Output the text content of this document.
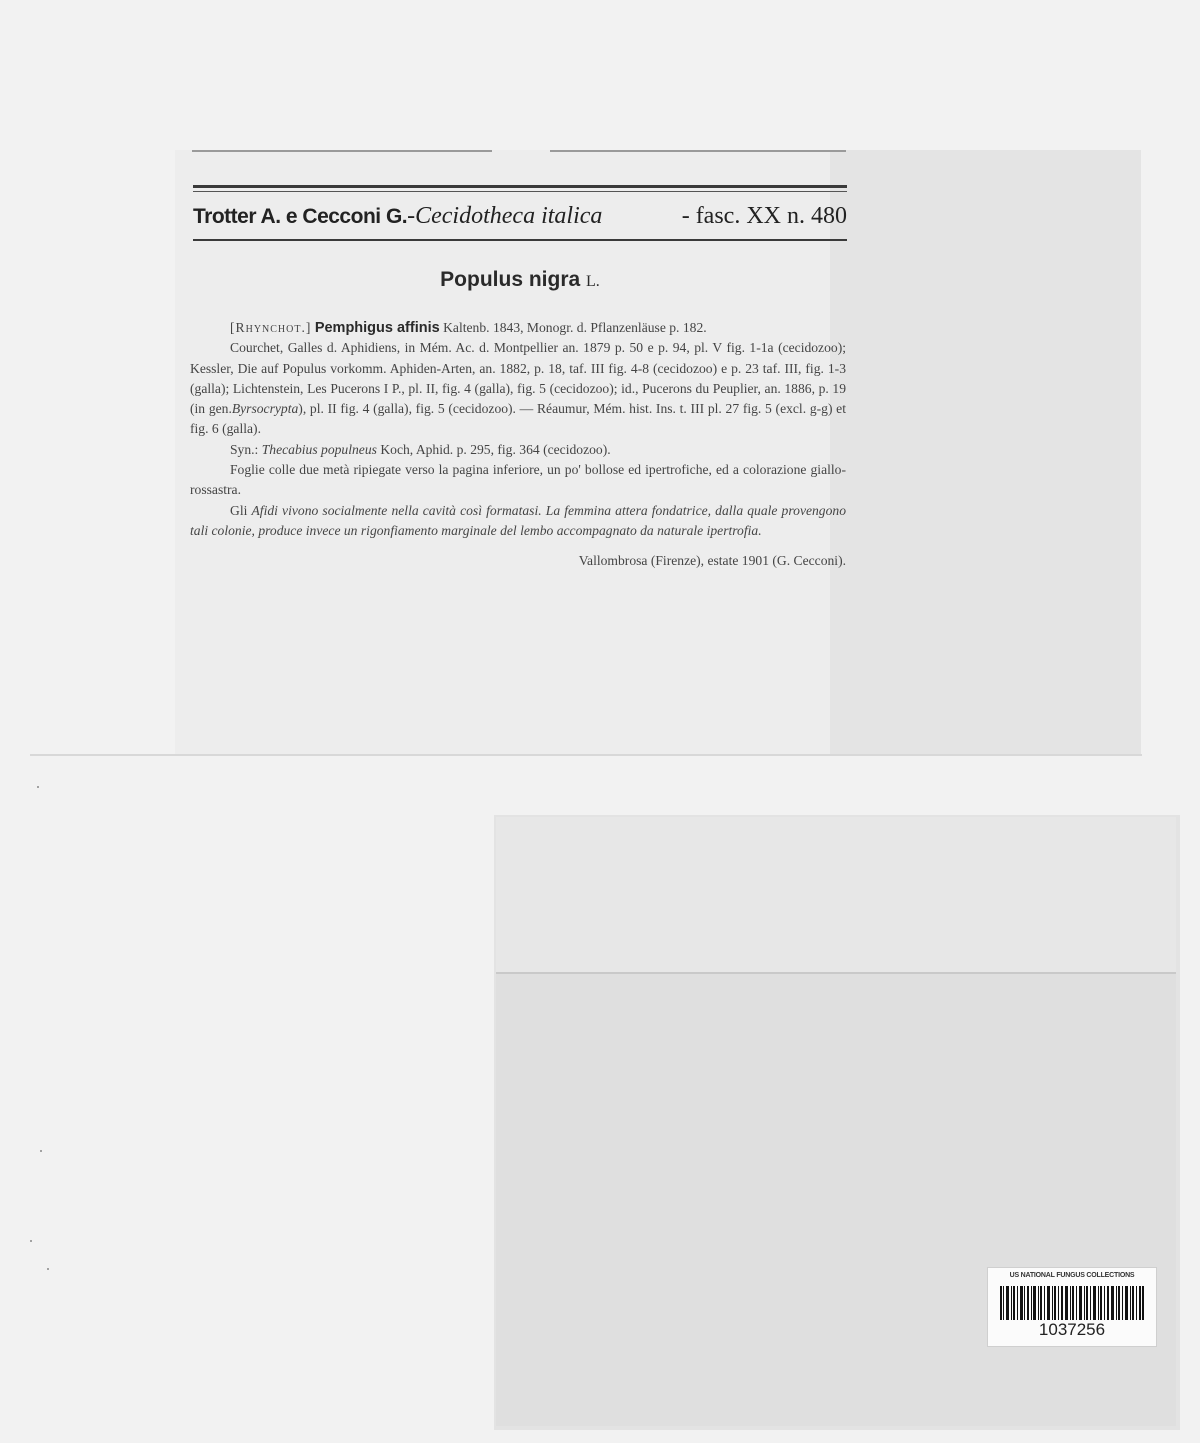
Trotter A. e Cecconi G.-Cecidotheca italica	- fasc. XX n. 480
Populus nigra L.

[Rhynchot.] Pemphigus affinis Kaltenb. 1843, Monogr. d. Pflanzenläuse p. 182.

Courchet, Galles d. Aphidiens, in Mém. Ac. d. Montpellier an. 1879 p. 50 e p. 94, pl. V fig. 1-1a (cecidozoo); Kessler, Die auf Populus vorkomm. Aphiden-Arten, an. 1882, p. 18, taf. III fig. 4-8 (cecidozoo) e p. 23 taf. III, fig. 1-3 (galla); Lichtenstein, Les Pucerons I P., pl. II, fig. 4 (galla), fig. 5 (cecidozoo); id., Pucerons du Peuplier, an. 1886, p. 19 (in gen.Byrsocrypta), pl. II fig. 4 (galla), fig. 5 (cecidozoo). — Réaumur, Mém. hist. Ins. t. III pl. 27 fig. 5 (excl. g-g) et fig. 6 (galla).

Syn.: Thecabius populneus Koch, Aphid. p. 295, fig. 364 (cecidozoo).

Foglie colle due metà ripiegate verso la pagina inferiore, un po' bollose ed ipertrofiche, ed a colorazione giallo-rossastra.

Gli Afidi vivono socialmente nella cavità così formatasi. La femmina attera fondatrice, dalla quale provengono tali colonie, produce invece un rigonfiamento marginale del lembo accompagnato da naturale ipertrofia.

Vallombrosa (Firenze), estate 1901 (G. Cecconi).

US NATIONAL FUNGUS COLLECTIONS
1037256
